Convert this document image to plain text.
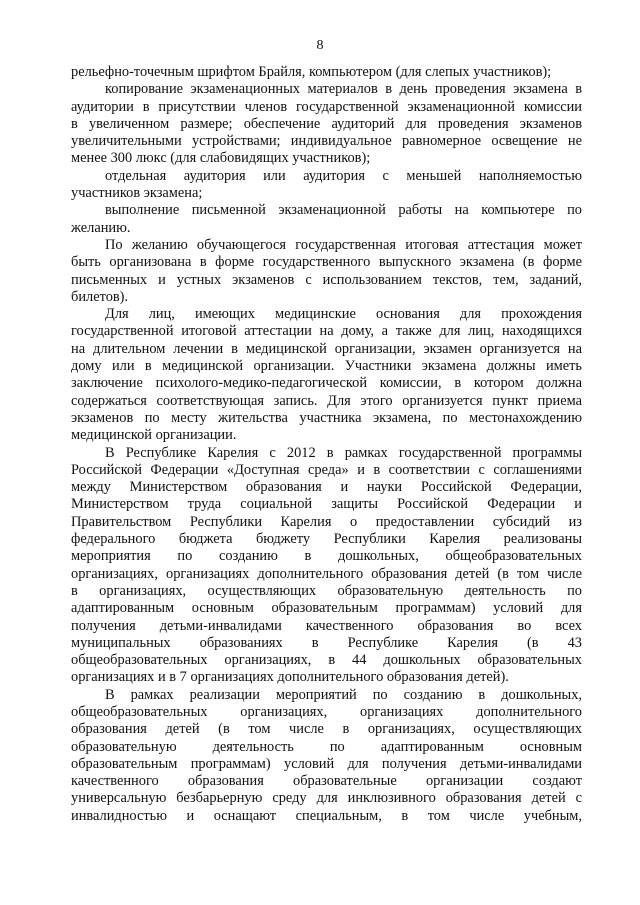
8
рельефно-точечным шрифтом Брайля, компьютером (для слепых участников);
копирование экзаменационных материалов в день проведения экзамена в
аудитории в присутствии членов государственной экзаменационной комиссии
в увеличенном размере; обеспечение аудиторий для проведения экзаменов
увеличительными устройствами; индивидуальное равномерное освещение не
менее 300 люкс (для слабовидящих участников);
отдельная аудитория или аудитория с меньшей наполняемостью
участников экзамена;
выполнение письменной экзаменационной работы на компьютере по
желанию.
По желанию обучающегося государственная итоговая аттестация может
быть организована в форме государственного выпускного экзамена (в форме
письменных и устных экзаменов с использованием текстов, тем, заданий,
билетов).
Для лиц, имеющих медицинские основания для прохождения
государственной итоговой аттестации на дому, а также для лиц, находящихся
на длительном лечении в медицинской организации, экзамен организуется на
дому или в медицинской организации. Участники экзамена должны иметь
заключение психолого-медико-педагогической комиссии, в котором должна
содержаться соответствующая запись. Для этого организуется пункт приема
экзаменов по месту жительства участника экзамена, по местонахождению
медицинской организации.
В Республике Карелия с 2012 в рамках государственной программы
Российской Федерации «Доступная среда» и в соответствии с соглашениями
между Министерством образования и науки Российской Федерации,
Министерством труда социальной защиты Российской Федерации и
Правительством Республики Карелия о предоставлении субсидий из
федерального бюджета бюджету Республики Карелия реализованы
мероприятия по созданию в дошкольных, общеобразовательных
организациях, организациях дополнительного образования детей (в том числе
в организациях, осуществляющих образовательную деятельность по
адаптированным основным образовательным программам) условий для
получения детьми-инвалидами качественного образования во всех
муниципальных образованиях в Республике Карелия (в 43
общеобразовательных организациях, в 44 дошкольных образовательных
организациях и в 7 организациях дополнительного образования детей).
В рамках реализации мероприятий по созданию в дошкольных,
общеобразовательных организациях, организациях дополнительного
образования детей (в том числе в организациях, осуществляющих
образовательную деятельность по адаптированным основным
образовательным программам) условий для получения детьми-инвалидами
качественного образования образовательные организации создают
универсальную безбарьерную среду для инклюзивного образования детей с
инвалидностью и оснащают специальным, в том числе учебным,
